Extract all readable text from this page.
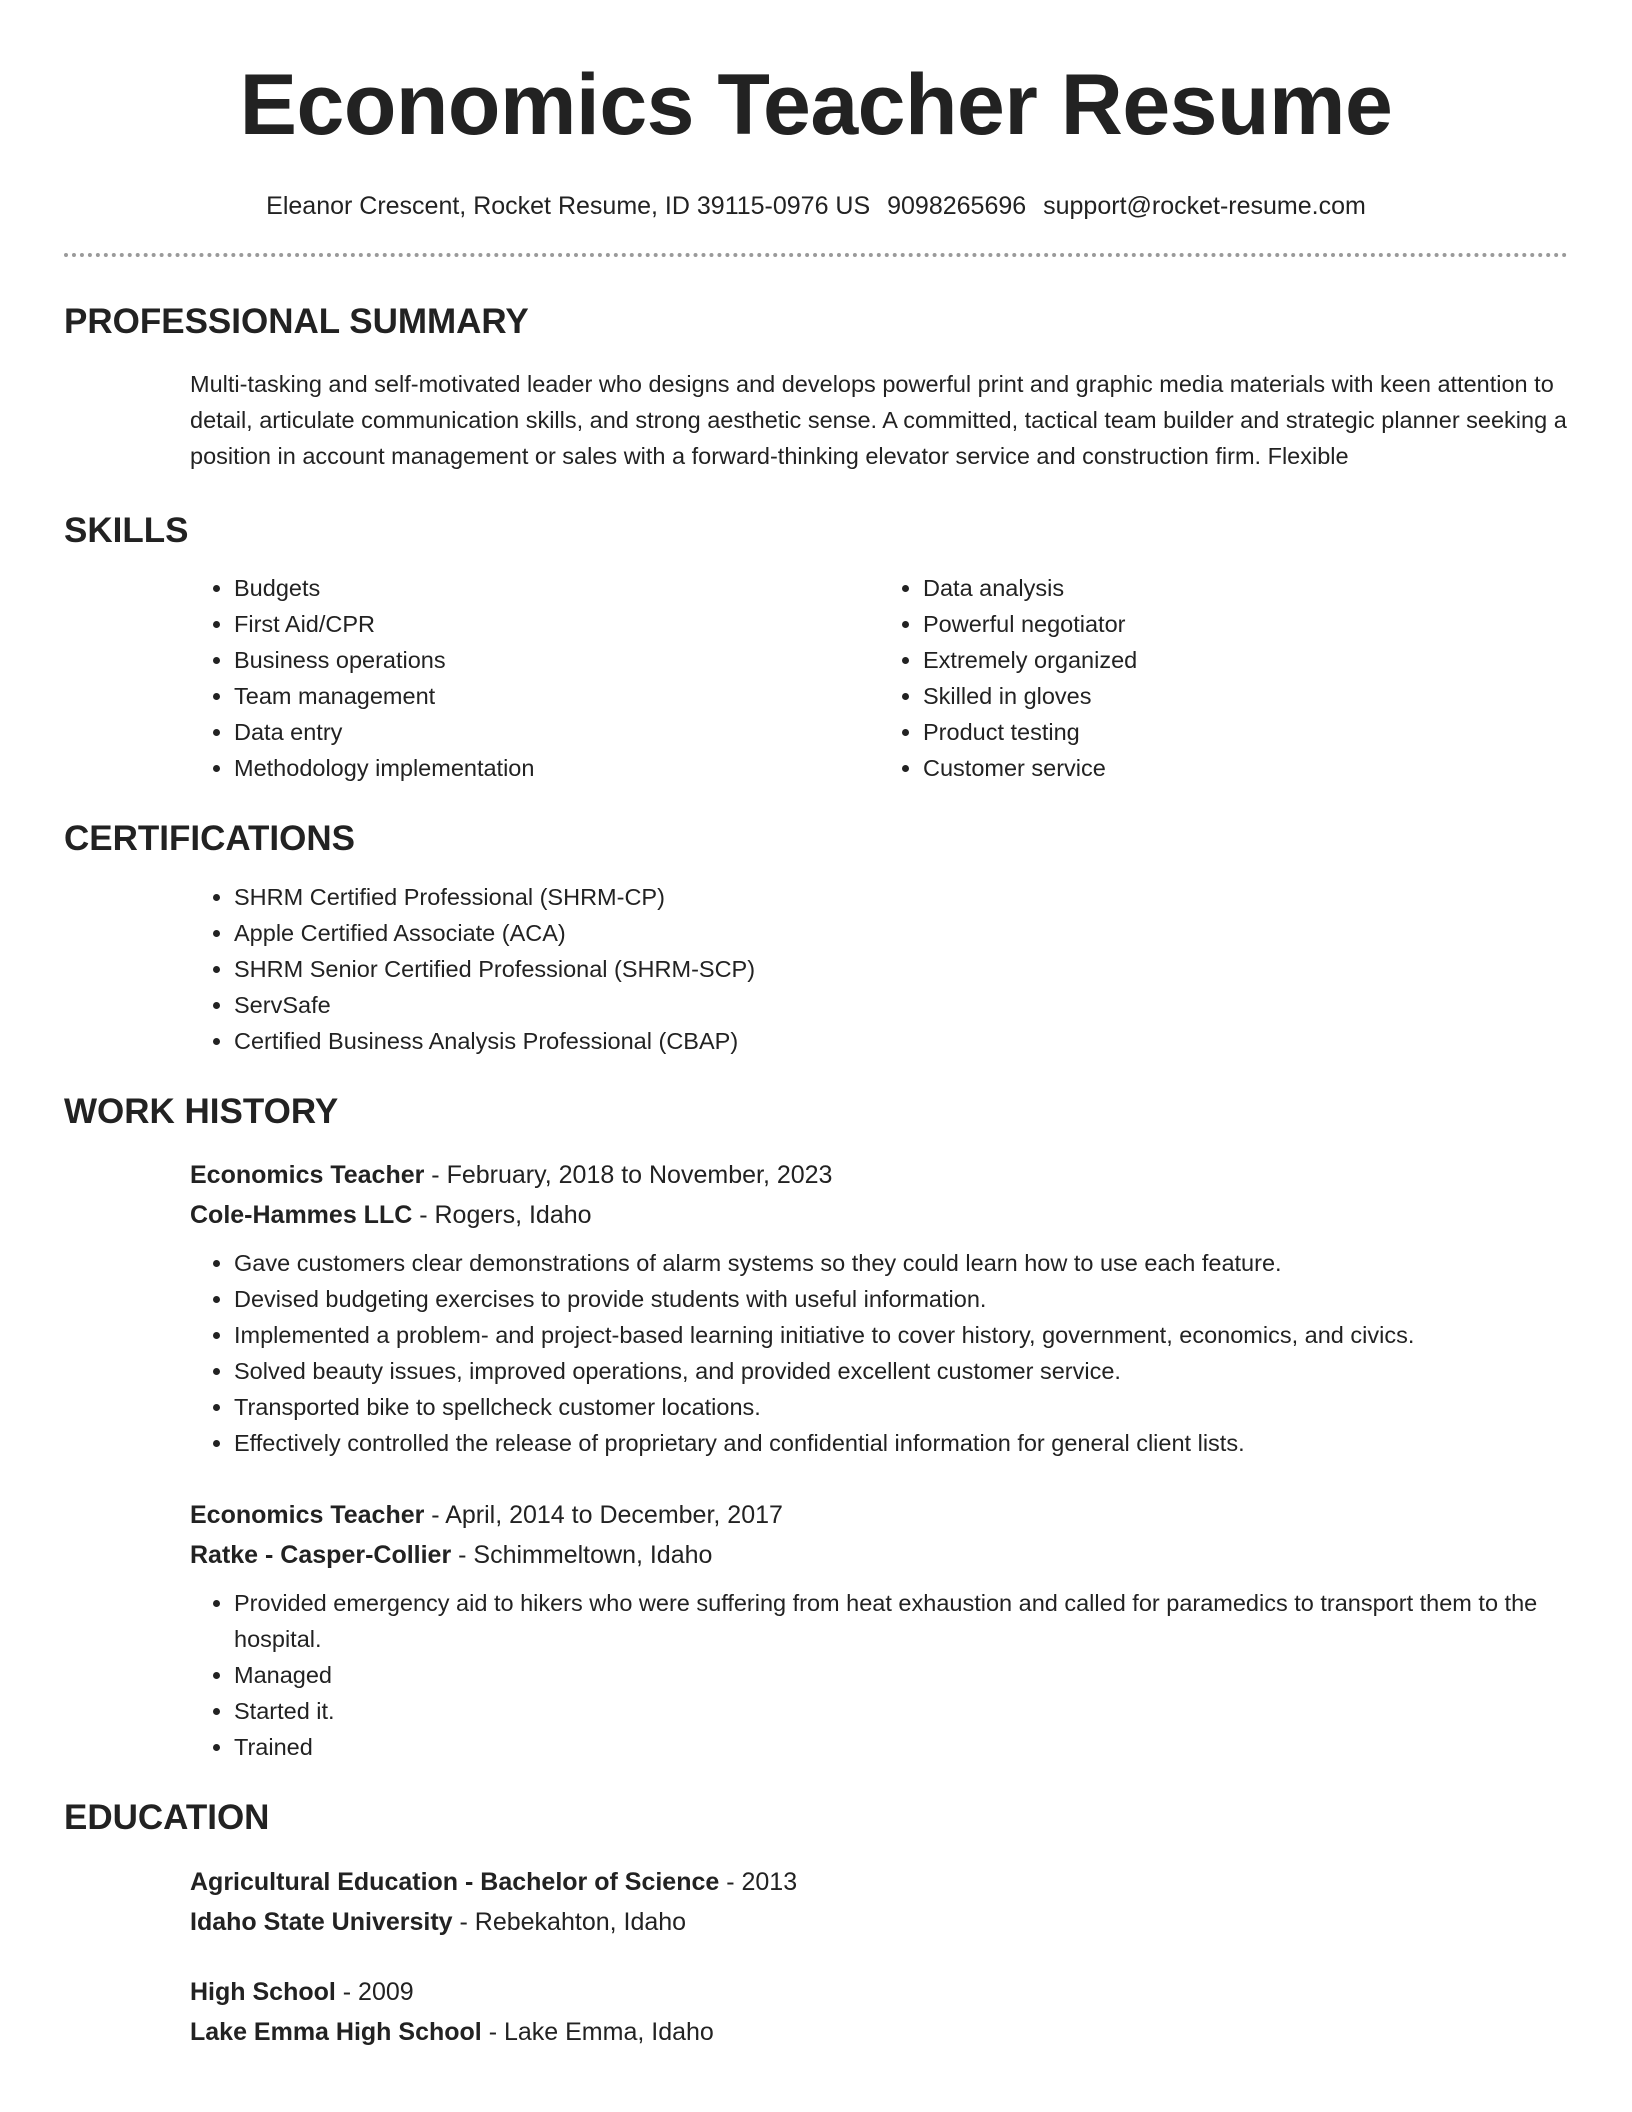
Economics Teacher Resume
Eleanor Crescent, Rocket Resume, ID 39115-0976 US 9098265696 support@rocket-resume.com
PROFESSIONAL SUMMARY
Multi-tasking and self-motivated leader who designs and develops powerful print and graphic media materials with keen attention to detail, articulate communication skills, and strong aesthetic sense. A committed, tactical team builder and strategic planner seeking a position in account management or sales with a forward-thinking elevator service and construction firm. Flexible
SKILLS
• Budgets
• First Aid/CPR
• Business operations
• Team management
• Data entry
• Methodology implementation
• Data analysis
• Powerful negotiator
• Extremely organized
• Skilled in gloves
• Product testing
• Customer service
CERTIFICATIONS
• SHRM Certified Professional (SHRM-CP)
• Apple Certified Associate (ACA)
• SHRM Senior Certified Professional (SHRM-SCP)
• ServSafe
• Certified Business Analysis Professional (CBAP)
WORK HISTORY
Economics Teacher - February, 2018 to November, 2023
Cole-Hammes LLC - Rogers, Idaho
• Gave customers clear demonstrations of alarm systems so they could learn how to use each feature.
• Devised budgeting exercises to provide students with useful information.
• Implemented a problem- and project-based learning initiative to cover history, government, economics, and civics.
• Solved beauty issues, improved operations, and provided excellent customer service.
• Transported bike to spellcheck customer locations.
• Effectively controlled the release of proprietary and confidential information for general client lists.
Economics Teacher - April, 2014 to December, 2017
Ratke - Casper-Collier - Schimmeltown, Idaho
• Provided emergency aid to hikers who were suffering from heat exhaustion and called for paramedics to transport them to the hospital.
• Managed
• Started it.
• Trained
EDUCATION
Agricultural Education - Bachelor of Science - 2013
Idaho State University - Rebekahton, Idaho
High School - 2009
Lake Emma High School - Lake Emma, Idaho
